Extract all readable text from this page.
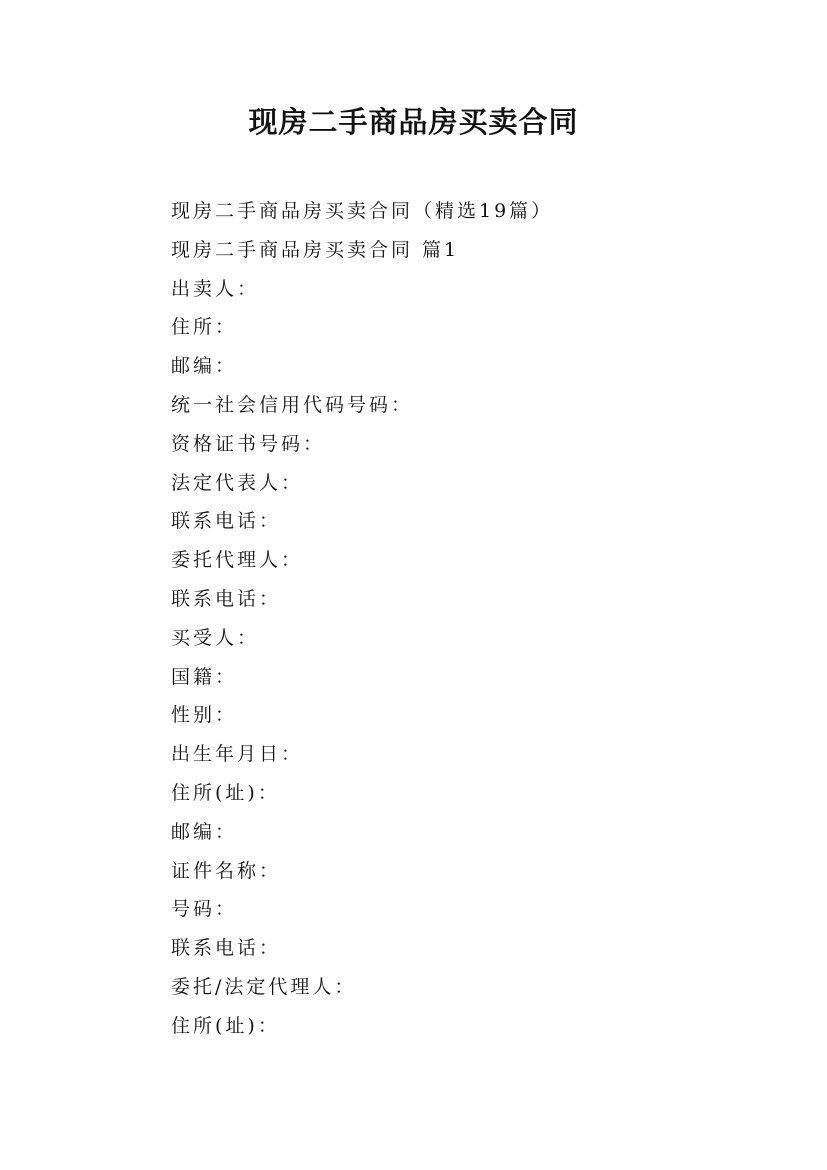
现房二手商品房买卖合同
现房二手商品房买卖合同（精选19篇）
现房二手商品房买卖合同 篇1
出卖人：
住所：
邮编：
统一社会信用代码号码：
资格证书号码：
法定代表人：
联系电话：
委托代理人：
联系电话：
买受人：
国籍：
性别：
出生年月日：
住所(址)：
邮编：
证件名称：
号码：
联系电话：
委托/法定代理人：
住所(址)：
